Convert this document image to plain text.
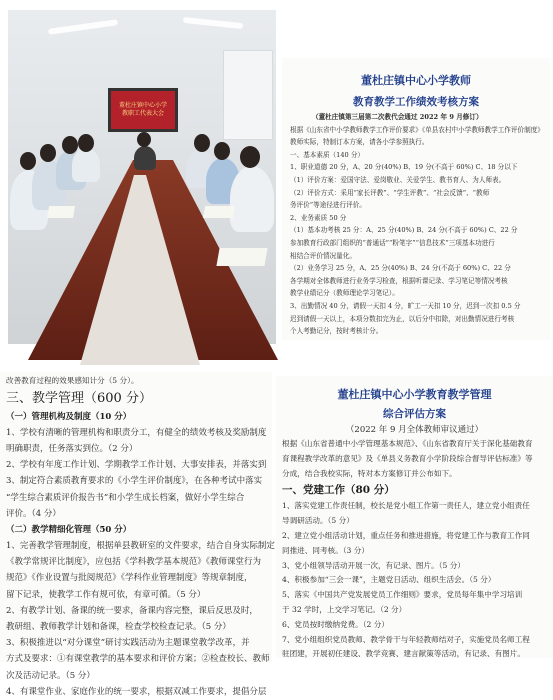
董杜庄镇中心小学
教职工代表大会
董杜庄镇中心小学教师
教育教学工作绩效考核方案
（董杜庄镇第三届第二次教代会通过 2022 年 9 月修订）
根据《山东省中小学教师教学工作评价要求》《单县农村中小学教师教学工作评价制度》
教师实际，特制订本方案，请各小学参照执行。
一、基本素质（140 分）
1、职业道德 20 分，A、20 分(40%) B、19 分(不高于 60%) C、18 分以下
（1）评价方案：爱国守法、爱岗敬业、关爱学生、教书育人、为人师表。
（2）评价方式：采用“家长评教”、“学生评教”、“社会反馈”、“教师
务评价”等途径进行评价。
2、业务素质 50 分
（1）基本功考核 25 分：A、25 分(40%) B、24 分(不高于 60%) C、22 分
参加教育行政部门组织的“普通话”“粉笔字”“信息技术”三项基本功进行
相结合评价情况量化。
（2）业务学习 25 分，A、25 分(40%) B、24 分(不高于 60%) C、22 分
各学期对全体教师进行业务学习检查，根据听课记录、学习笔记等情况考核
教学业绩记分（教师理论学习笔记）。
3、出勤情况 40 分，请假一天扣 4 分，旷工一天扣 10 分，迟到一次扣 0.5 分
迟到请假一天以上，本项分数扣完为止，以后分中扣除，对出勤情况进行考核
个人考勤记分，按时考核计分。
改善教育过程的效果感知计分（5 分）。
三、教学管理（600 分）
（一）管理机构及制度（10 分）
1、学校有清晰的管理机构和职责分工，有健全的绩效考核及奖励制度
明确职责，任务落实到位。（2 分）
2、学校有年度工作计划、学期教学工作计划、大事安排表，并落实到
3、制定符合素质教育要求的《小学生评价制度》，在各种考试中落实
“学生综合素质评价报告书”和小学生成长档案，做好小学生综合
评价。（4 分）
（二）教学精细化管理（50 分）
1、完善教学管理制度，根据单县教研室的文件要求，结合自身实际制定
《教学常规评比制度》，应包括《学科教学基本规范》《教师课堂行为
规范》《作业设置与批阅规范》《学科作业管理制度》等规章制度，
留下记录，使教学工作有规可依，有章可循。（5 分）
2、有教学计划、备课的统一要求，备课内容完整，课后反思及时，
教研组、教师教学计划和备课，检查学校检查记录。（5 分）
3、积极推进以“对分课堂”研讨实践活动为主题课堂教学改革，并
方式及要求：①有课堂教学的基本要求和评价方案；②检查校长、教师
次及活动记录。（5 分）
4、有课堂作业、家庭作业的统一要求，根据双减工作要求，提倡分层
董杜庄镇中心小学教育教学管理
综合评估方案
（2022 年 9 月全体教师审议通过）
根据《山东省普通中小学管理基本规范》、《山东省教育厅关于深化基础教育
育课程教学改革的意见》及《单县义务教育小学阶段综合督导评估标准》等
分成，结合我校实际，特对本方案修订并公布如下。
一、党建工作（80 分）
1、落实党建工作责任制，校长是党小组工作第一责任人，建立党小组责任
导调研活动。（5 分）
2、建立党小组活动计划，重点任务和推进措施，将党建工作与教育工作同
同推进、同考核。（3 分）
3、党小组领导活动开展一次，有记录、图片。（5 分）
4、积极参加“三会一课”，主题党日活动、组织生活会。（5 分）
5、落实《中国共产党发展党员工作细则》要求，党员每年集中学习培训
于 32 学时，上交学习笔记。（2 分）
6、党员按时缴纳党费。（2 分）
7、党小组组织党员教师、教学骨干与年轻教师结对子，实施党员名师工程
驻团建，开展初任建设、教学竞赛、建言献策等活动，有记录、有图片。
